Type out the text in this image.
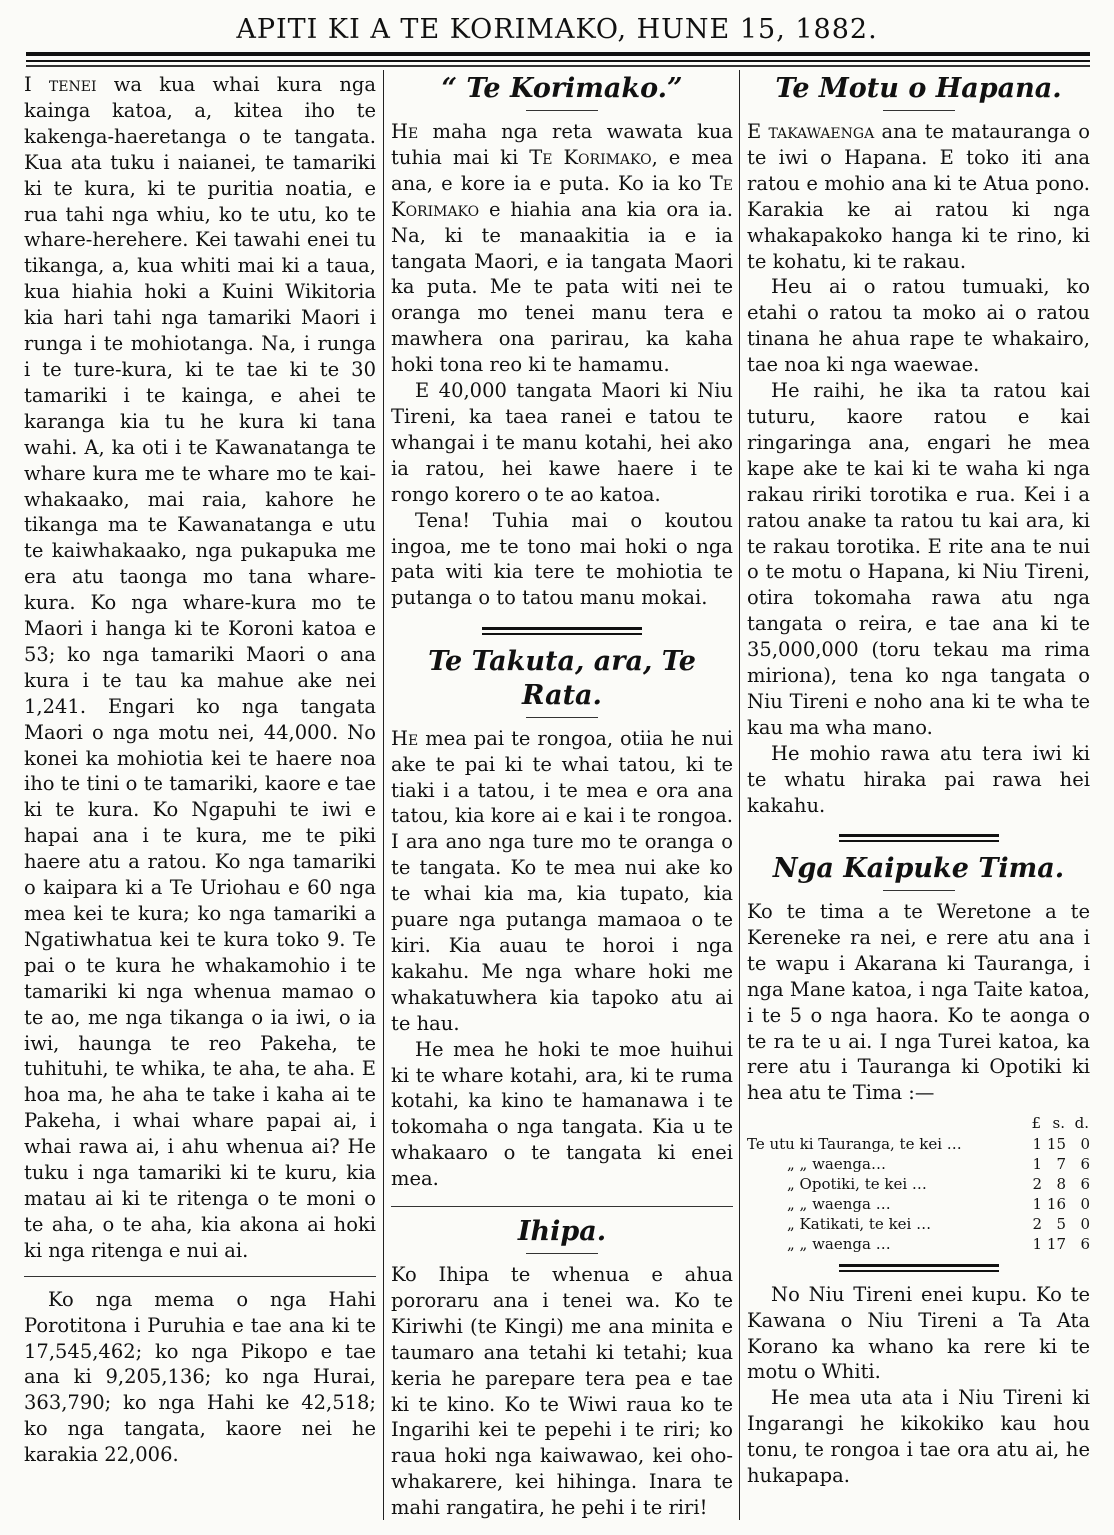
APITI KI A TE KORIMAKO, HUNE 15, 1882.

I tenei wa kua whai kura nga kainga katoa, a, kitea iho te kakenga-haeretanga o te tangata. Kua ata tuku i naianei, te tamariki ki te kura, ki te puritia noatia, e rua tahi nga whiu, ko te utu, ko te whare-herehere. Kei tawahi enei tu tikanga, a, kua whiti mai ki a taua, kua hiahia hoki a Kuini Wikitoria kia hari tahi nga tamariki Maori i runga i te mohiotanga. Na, i runga i te ture-kura, ki te tae ki te 30 tamariki i te kainga, e ahei te karanga kia tu he kura ki tana wahi. A, ka oti i te Kawanatanga te whare kura me te whare mo te kai-whakaako, mai raia, kahore he tikanga ma te Kawanatanga e utu te kaiwhakaako, nga pukapuka me era atu taonga mo tana whare-kura. Ko nga whare-kura mo te Maori i hanga ki te Koroni katoa e 53; ko nga tamariki Maori o ana kura i te tau ka mahue ake nei 1,241. Engari ko nga tangata Maori o nga motu nei, 44,000. No konei ka mohiotia kei te haere noa iho te tini o te tamariki, kaore e tae ki te kura. Ko Ngapuhi te iwi e hapai ana i te kura, me te piki haere atu a ratou. Ko nga tamariki o kaipara ki a Te Uriohau e 60 nga mea kei te kura; ko nga tamariki a Ngatiwhatua kei te kura toko 9. Te pai o te kura he whakamohio i te tamariki ki nga whenua mamao o te ao, me nga tikanga o ia iwi, o ia iwi, haunga te reo Pakeha, te tuhituhi, te whika, te aha, te aha. E hoa ma, he aha te take i kaha ai te Pakeha, i whai whare papai ai, i whai rawa ai, i ahu whenua ai? He tuku i nga tamariki ki te kuru, kia matau ai ki te ritenga o te moni o te aha, o te aha, kia akona ai hoki ki nga ritenga e nui ai.

Ko nga mema o nga Hahi Porotitona i Puruhia e tae ana ki te 17,545,462; ko nga Pikopo e tae ana ki 9,205,136; ko nga Hurai, 363,790; ko nga Hahi ke 42,518; ko nga tangata, kaore nei he karakia 22,006.

“ Te Korimako.”

He maha nga reta wawata kua tuhia mai ki Te Korimako, e mea ana, e kore ia e puta. Ko ia ko Te Korimako e hiahia ana kia ora ia. Na, ki te manaakitia ia e ia tangata Maori, e ia tangata Maori ka puta. Me te pata witi nei te oranga mo tenei manu tera e mawhera ona parirau, ka kaha hoki tona reo ki te hamamu.

E 40,000 tangata Maori ki Niu Tireni, ka taea ranei e tatou te whangai i te manu kotahi, hei ako ia ratou, hei kawe haere i te rongo korero o te ao katoa.

Tena! Tuhia mai o koutou ingoa, me te tono mai hoki o nga pata witi kia tere te mohiotia te putanga o to tatou manu mokai.

Te Takuta, ara, Te Rata.

He mea pai te rongoa, otiia he nui ake te pai ki te whai tatou, ki te tiaki i a tatou, i te mea e ora ana tatou, kia kore ai e kai i te rongoa. I ara ano nga ture mo te oranga o te tangata. Ko te mea nui ake ko te whai kia ma, kia tupato, kia puare nga putanga mamaoa o te kiri. Kia auau te horoi i nga kakahu. Me nga whare hoki me whakatuwhera kia tapoko atu ai te hau.

He mea he hoki te moe huihui ki te whare kotahi, ara, ki te ruma kotahi, ka kino te hamanawa i te tokomaha o nga tangata. Kia u te whakaaro o te tangata ki enei mea.

Ihipa.

Ko Ihipa te whenua e ahua pororaru ana i tenei wa. Ko te Kiriwhi (te Kingi) me ana minita e taumaro ana tetahi ki tetahi; kua keria he parepare tera pea e tae ki te kino. Ko te Wiwi raua ko te Ingarihi kei te pepehi i te riri; ko raua hoki nga kaiwawao, kei oho-whakarere, kei hihinga. Inara te mahi rangatira, he pehi i te riri!

Te Motu o Hapana.

E takawaenga ana te matauranga o te iwi o Hapana. E toko iti ana ratou e mohio ana ki te Atua pono. Karakia ke ai ratou ki nga whakapakoko hanga ki te rino, ki te kohatu, ki te rakau.

Heu ai o ratou tumuaki, ko etahi o ratou ta moko ai o ratou tinana he ahua rape te whakairo, tae noa ki nga waewae.

He raihi, he ika ta ratou kai tuturu, kaore ratou e kai ringaringa ana, engari he mea kape ake te kai ki te waha ki nga rakau ririki torotika e rua. Kei i a ratou anake ta ratou tu kai ara, ki te rakau torotika. E rite ana te nui o te motu o Hapana, ki Niu Tireni, otira tokomaha rawa atu nga tangata o reira, e tae ana ki te 35,000,000 (toru tekau ma rima miriona), tena ko nga tangata o Niu Tireni e noho ana ki te wha te kau ma wha mano.

He mohio rawa atu tera iwi ki te whatu hiraka pai rawa hei kakahu.

Nga Kaipuke Tima.

Ko te tima a te Weretone a te Kereneke ra nei, e rere atu ana i te wapu i Akarana ki Tauranga, i nga Mane katoa, i nga Taite katoa, i te 5 o nga haora. Ko te aonga o te ra te u ai. I nga Turei katoa, ka rere atu i Tauranga ki Opotiki ki hea atu te Tima :—

	£	s.	d.
Te utu ki Tauranga, te kei …	1	15	0
„ „ waenga…	1	7	6
„ Opotiki, te kei …	2	8	6
„ „ waenga …	1	16	0
„ Katikati, te kei …	2	5	0
„ „ waenga …	1	17	6

No Niu Tireni enei kupu. Ko te Kawana o Niu Tireni a Ta Ata Korano ka whano ka rere ki te motu o Whiti.

He mea uta ata i Niu Tireni ki Ingarangi he kikokiko kau hou tonu, te rongoa i tae ora atu ai, he hukapapa.
